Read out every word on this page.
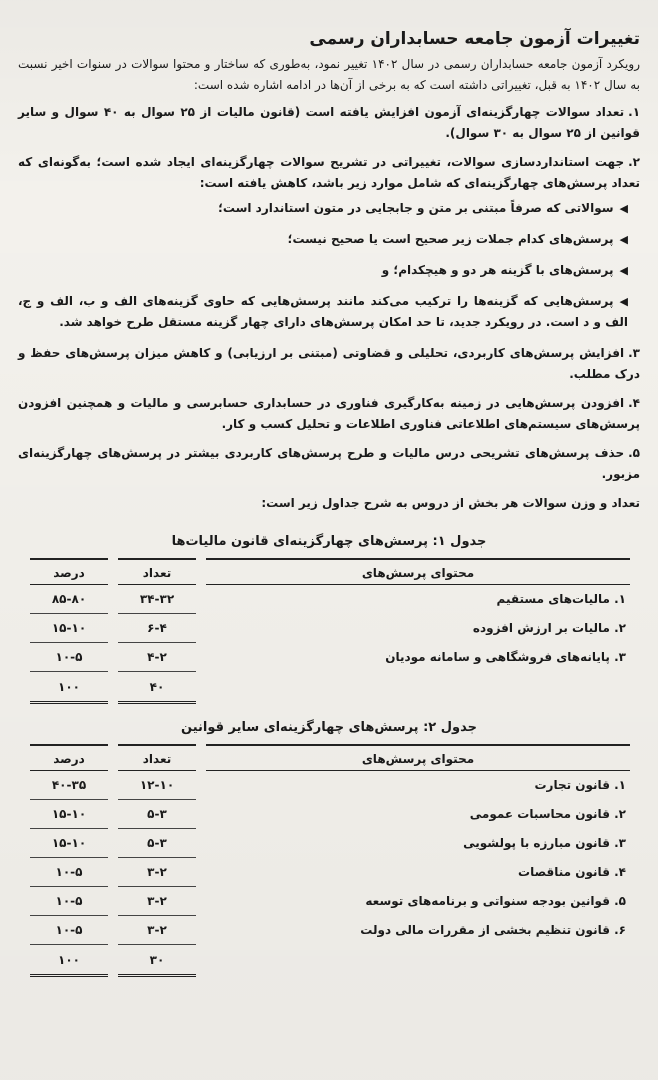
تغییرات آزمون جامعه حسابداران رسمی

رویکرد آزمون جامعه حسابداران رسمی در سال ۱۴۰۲ تغییر نمود، به‌طوری که ساختار و محتوا سوالات در سنوات اخیر نسبت به سال ۱۴۰۲ به قبل، تغییراتی داشته است که به برخی از آن‌ها در ادامه اشاره شده است:

۱.تعداد سوالات چهارگزینه‌ای آزمون افزایش یافته است (قانون مالیات از ۲۵ سوال به ۴۰ سوال و سایر قوانین از ۲۵ سوال به ۳۰ سوال).
۲.جهت استانداردسازی سوالات، تغییراتی در تشریح سوالات چهارگزینه‌ای ایجاد شده است؛ به‌گونه‌ای که تعداد پرسش‌های چهارگزینه‌ای که شامل موارد زیر باشد، کاهش یافته است:
◀سوالاتی که صرفاً مبتنی بر متن و جابجایی در متون استاندارد است؛
◀پرسش‌های کدام جملات زیر صحیح است یا صحیح نیست؛
◀پرسش‌های با گزینه هر دو و هیچکدام؛ و
◀پرسش‌هایی که گزینه‌ها را ترکیب می‌کند مانند پرسش‌هایی که حاوی گزینه‌های الف و ب، الف و ج، الف و د است. در رویکرد جدید، تا حد امکان پرسش‌های دارای چهار گزینه مستقل طرح خواهد شد.
۳.افزایش پرسش‌های کاربردی، تحلیلی و قضاوتی (مبتنی بر ارزیابی) و کاهش میزان پرسش‌های حفظ و درک مطلب.
۴.افزودن پرسش‌هایی در زمینه به‌کارگیری فناوری در حسابداری حسابرسی و مالیات و همچنین افزودن پرسش‌های سیستم‌های اطلاعاتی فناوری اطلاعات و تحلیل کسب و کار.
۵.حذف پرسش‌های تشریحی درس مالیات و طرح پرسش‌های کاربردی بیشتر در پرسش‌های چهارگزینه‌ای مزبور.

تعداد و وزن سوالات هر بخش از دروس به شرح جداول زیر است:

جدول ۱: پرسش‌های چهارگزینه‌ای قانون مالیات‌ها
محتوای پرسش‌های
تعداد
درصد
۱. مالیات‌های مستقیم
۳۴-۳۲
۸۵-۸۰
۲. مالیات بر ارزش افزوده
۶-۴
۱۵-۱۰
۳. پایانه‌های فروشگاهی و سامانه مودیان
۴-۲
۱۰-۵
۴۰
۱۰۰
جدول ۲: پرسش‌های چهارگزینه‌ای سایر قوانین
محتوای پرسش‌های
تعداد
درصد
۱. قانون تجارت
۱۲-۱۰
۴۰-۳۵
۲. قانون محاسبات عمومی
۵-۳
۱۵-۱۰
۳. قانون مبارزه با پولشویی
۵-۳
۱۵-۱۰
۴. قانون مناقصات
۳-۲
۱۰-۵
۵. قوانین بودجه سنواتی و برنامه‌های توسعه
۳-۲
۱۰-۵
۶. قانون تنظیم بخشی از مقررات مالی دولت
۳-۲
۱۰-۵
۳۰
۱۰۰
